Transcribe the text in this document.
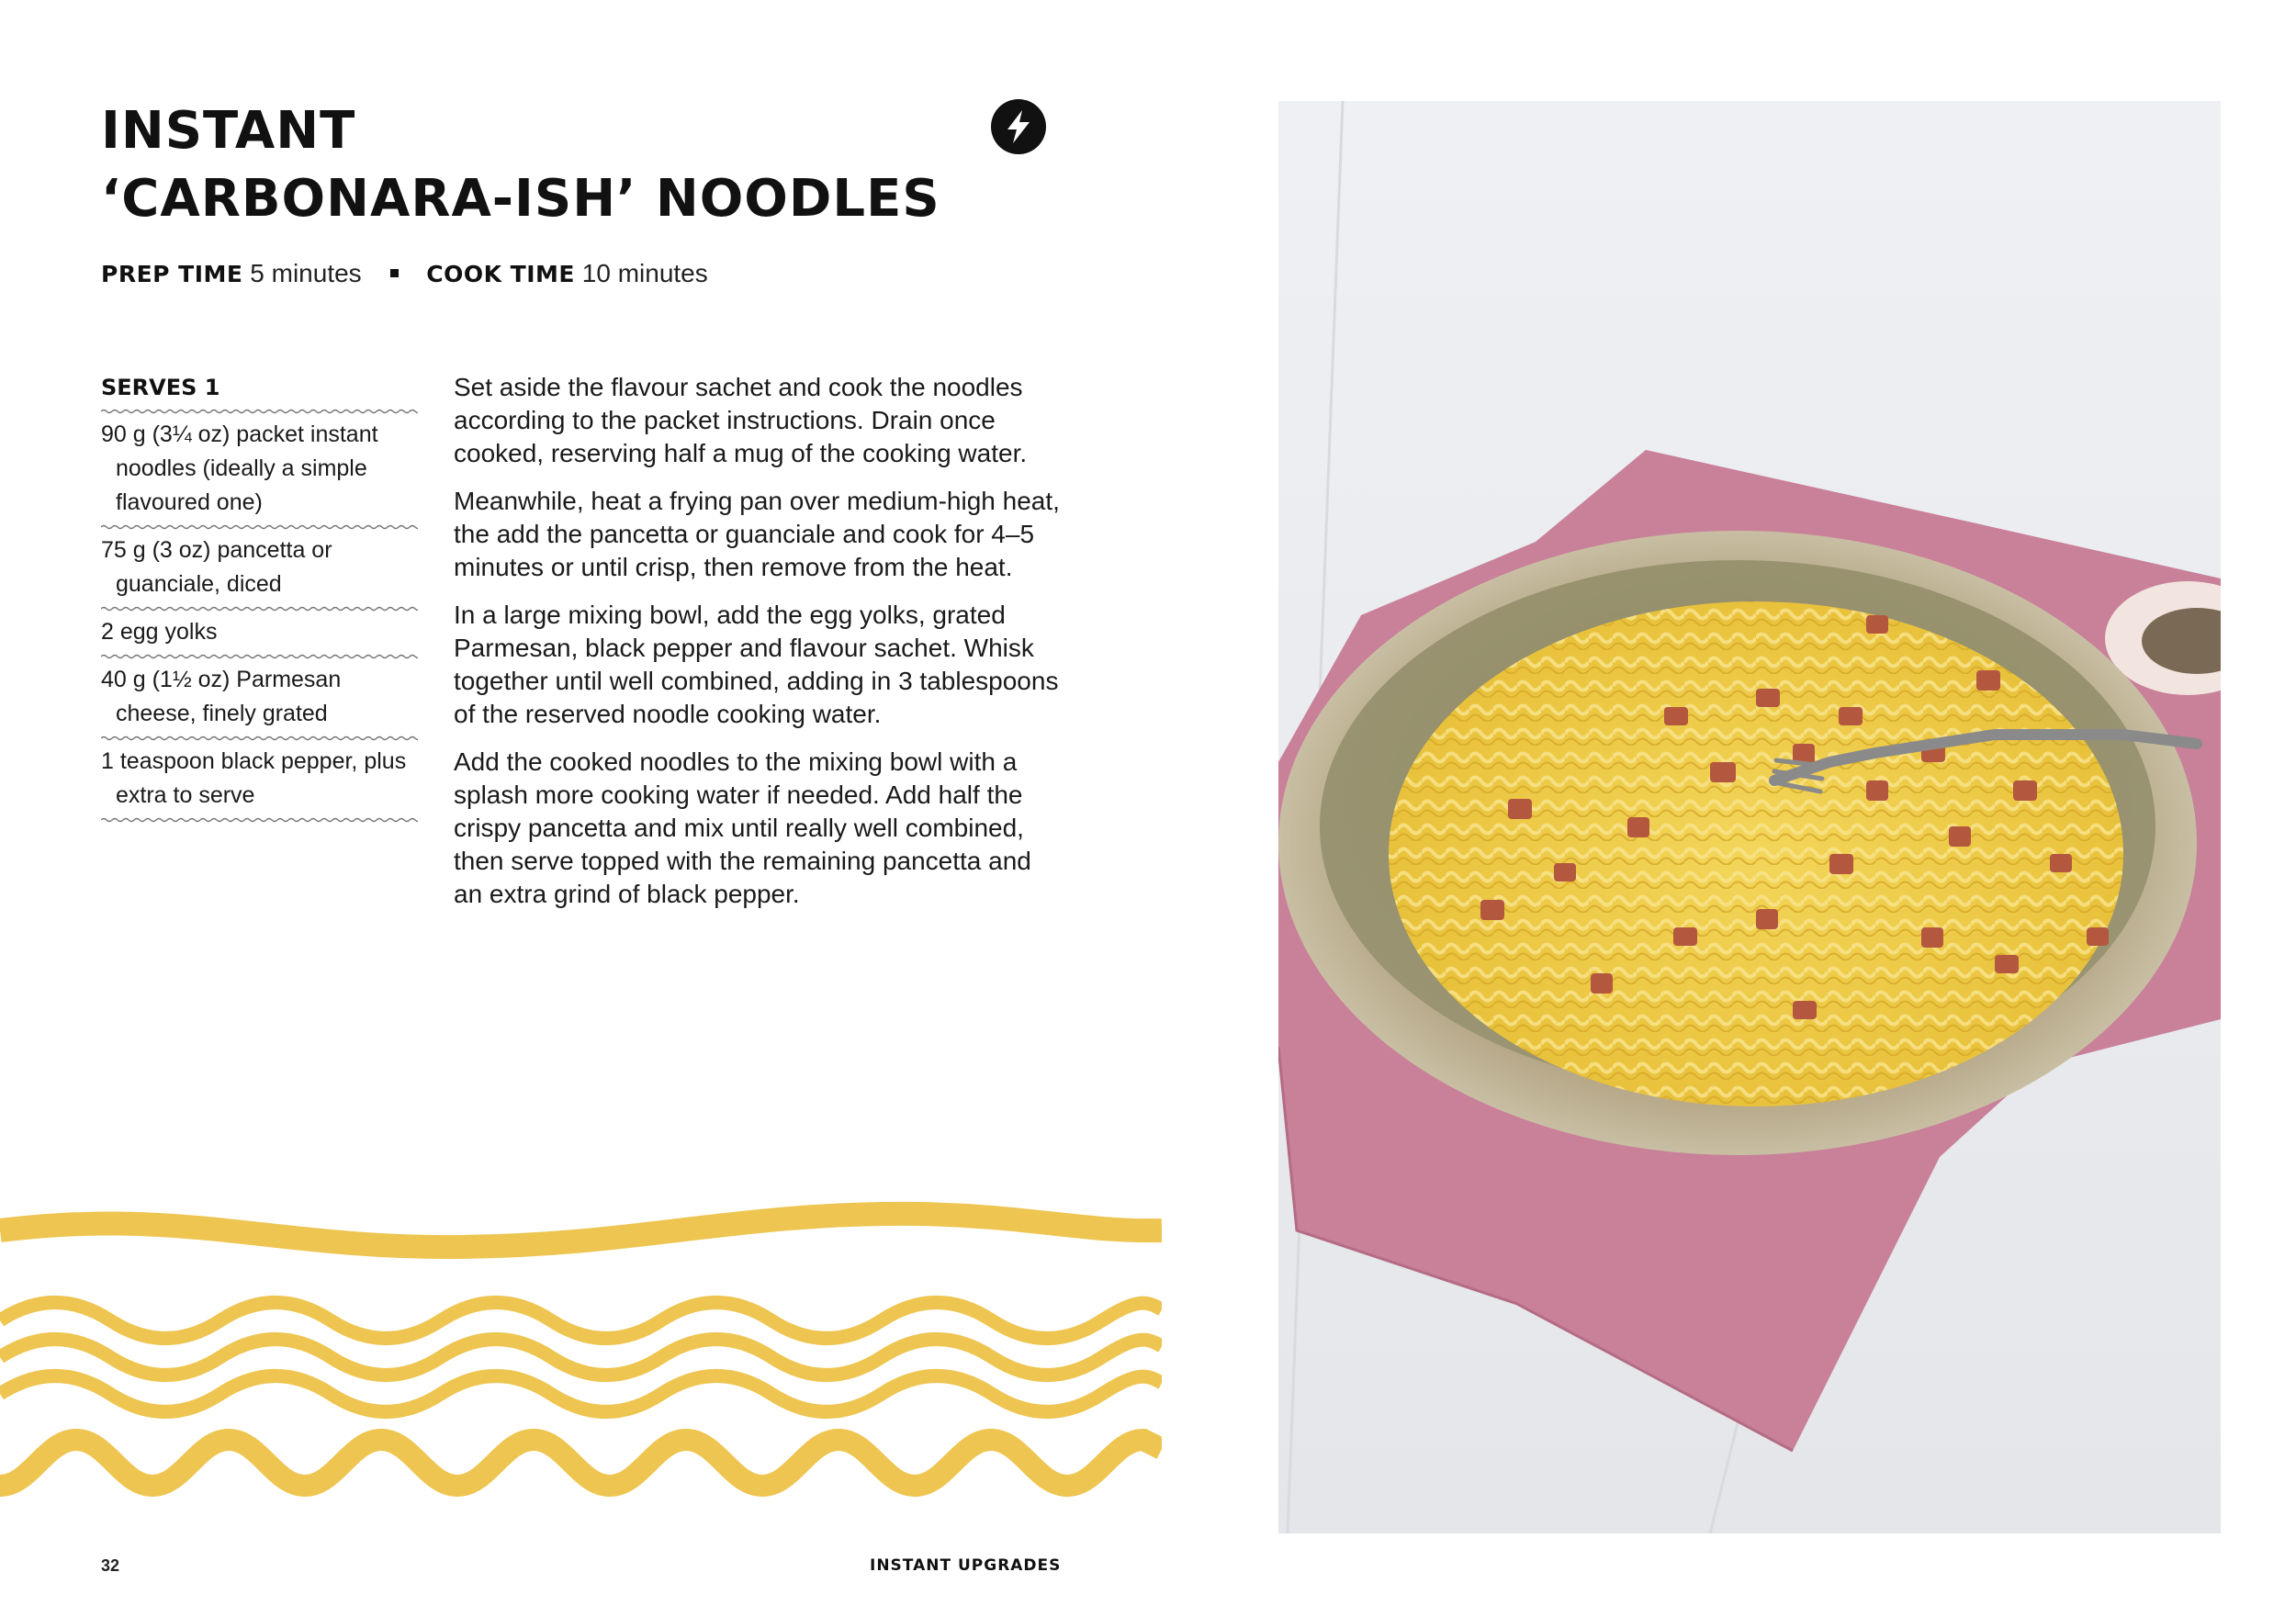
INSTANT
‘CARBONARA-ISH’ NOODLES
PREP TIME 5 minutes	COOK TIME 10 minutes
SERVES 1
90 g (3¼ oz) packet instant noodles (ideally a simple flavoured one)
75 g (3 oz) pancetta or guanciale, diced
2 egg yolks
40 g (1½ oz) Parmesan cheese, finely grated
1 teaspoon black pepper, plus extra to serve

Set aside the flavour sachet and cook the noodles according to the packet instructions. Drain once cooked, reserving half a mug of the cooking water.

Meanwhile, heat a frying pan over medium-high heat, the add the pancetta or guanciale and cook for 4–5 minutes or until crisp, then remove from the heat.

In a large mixing bowl, add the egg yolks, grated Parmesan, black pepper and flavour sachet. Whisk together until well combined, adding in 3 tablespoons of the reserved noodle cooking water.

Add the cooked noodles to the mixing bowl with a splash more cooking water if needed. Add half the crispy pancetta and mix until really well combined, then serve topped with the remaining pancetta and an extra grind of black pepper.

32	INSTANT UPGRADES
